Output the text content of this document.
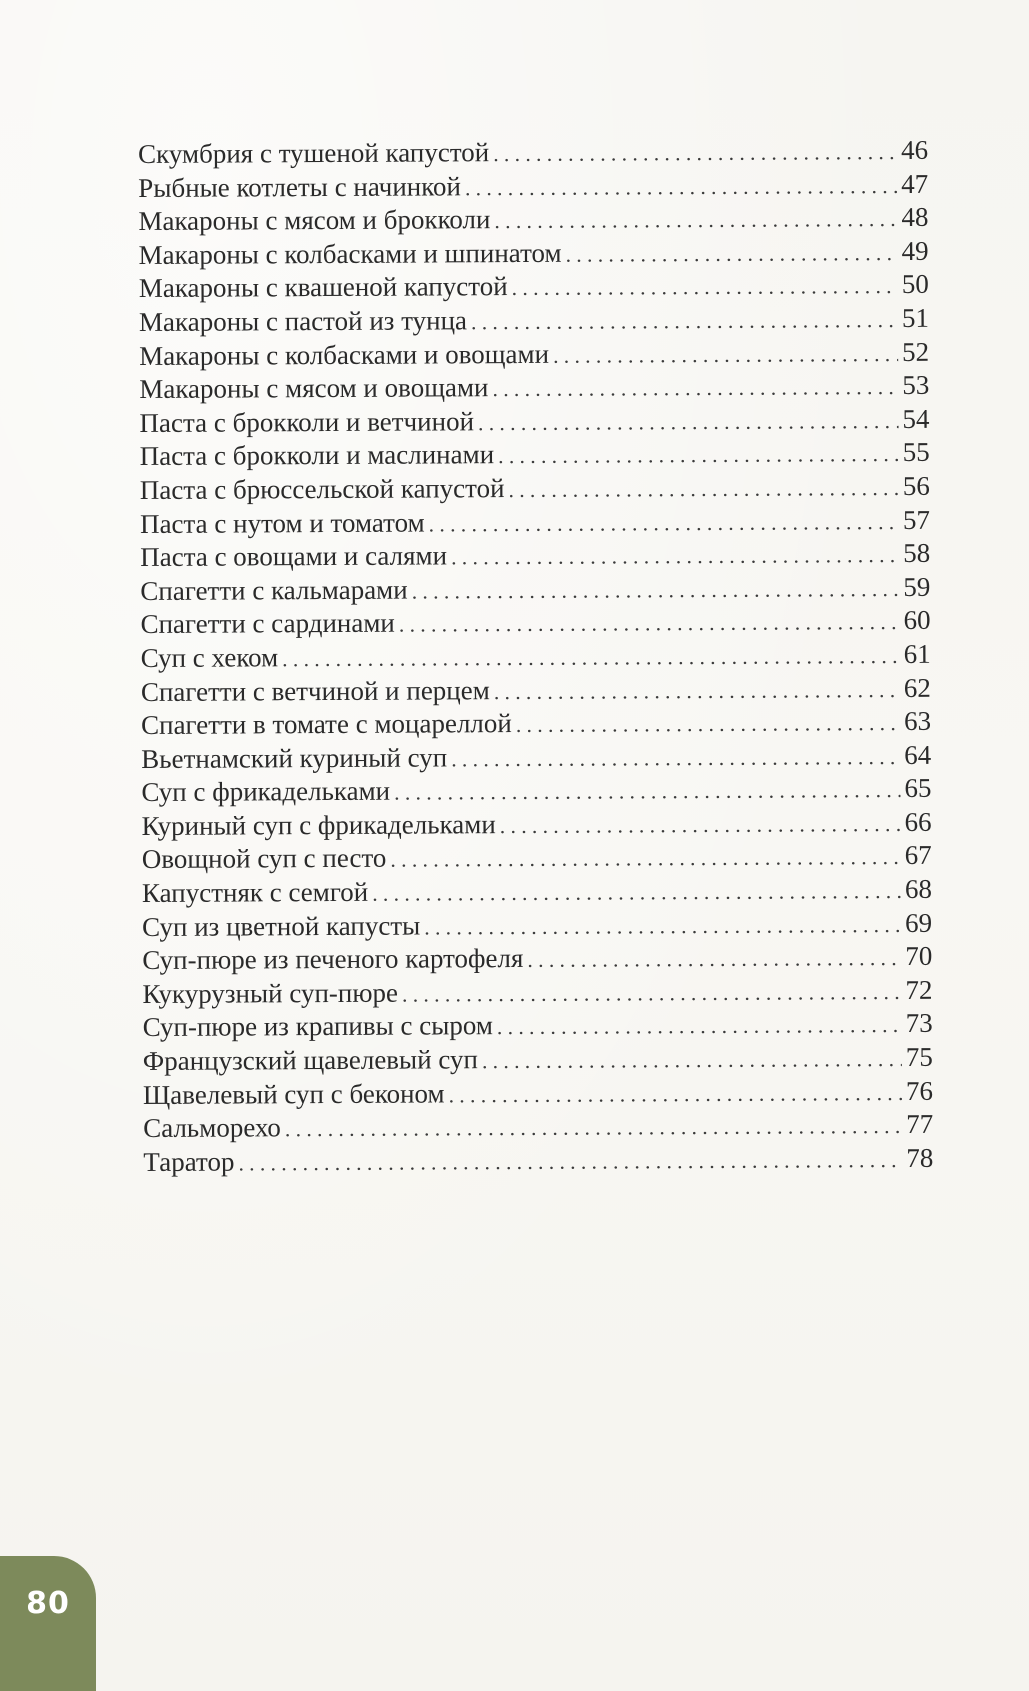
Скумбрия с тушеной капустой .....	46
Рыбные котлеты с начинкой .....	47
Макароны с мясом и брокколи .....	48
Макароны с колбасками и шпинатом .....	49
Макароны с квашеной капустой .....	50
Макароны с пастой из тунца .....	51
Макароны с колбасками и овощами .....	52
Макароны с мясом и овощами .....	53
Паста с брокколи и ветчиной .....	54
Паста с брокколи и маслинами .....	55
Паста с брюссельской капустой .....	56
Паста с нутом и томатом .....	57
Паста с овощами и салями .....	58
Спагетти с кальмарами .....	59
Спагетти с сардинами .....	60
Суп с хеком .....	61
Спагетти с ветчиной и перцем .....	62
Спагетти в томате с моцареллой .....	63
Вьетнамский куриный суп .....	64
Суп с фрикадельками .....	65
Куриный суп с фрикадельками .....	66
Овощной суп с песто .....	67
Капустняк с семгой .....	68
Суп из цветной капусты .....	69
Суп-пюре из печеного картофеля .....	70
Кукурузный суп-пюре .....	72
Суп-пюре из крапивы с сыром .....	73
Французский щавелевый суп .....	75
Щавелевый суп с беконом .....	76
Сальморехо .....	77
Таратор .....	78
80
